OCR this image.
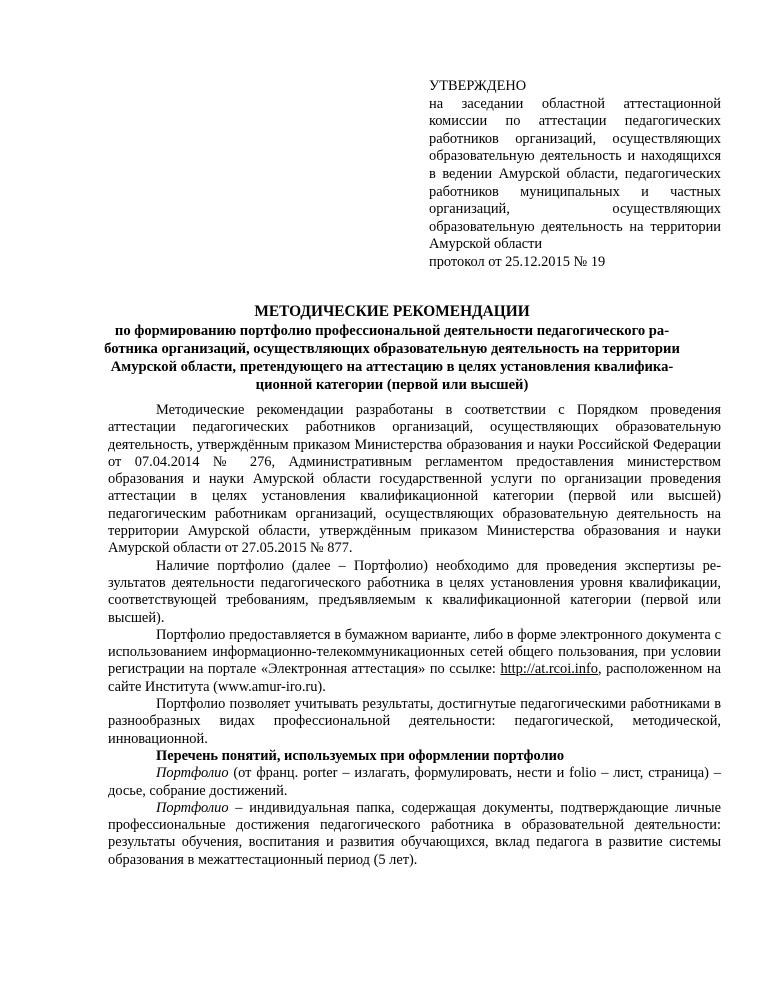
УТВЕРЖДЕНО
на заседании областной аттестационной комиссии по аттестации педагогических работников организаций, осуществляющих образовательную деятельность и находящихся в ведении Амурской области, педагогических работников муниципальных и частных организаций, осуществляющих образовательную деятельность на территории Амурской области
протокол от 25.12.2015 № 19
МЕТОДИЧЕСКИЕ РЕКОМЕНДАЦИИ
по формированию портфолио профессиональной деятельности педагогического работника организаций, осуществляющих образовательную деятельность на территории Амурской области, претендующего на аттестацию в целях установления квалификационной категории (первой или высшей)

Методические рекомендации разработаны в соответствии с Порядком проведения аттестации педагогических работников организаций, осуществляющих образовательную деятельность, утверждённым приказом Министерства образования и науки Российской Федерации от 07.04.2014 № 276, Административным регламентом предоставления министерством образования и науки Амурской области государственной услуги по организации проведения аттестации в целях установления квалификационной категории (первой или высшей) педагогическим работникам организаций, осуществляющих образовательную деятельность на территории Амурской области, утверждённым приказом Министерства образования и науки Амурской области от 27.05.2015 № 877.

Наличие портфолио (далее – Портфолио) необходимо для проведения экспертизы результатов деятельности педагогического работника в целях установления уровня квалификации, соответствующей требованиям, предъявляемым к квалификационной категории (первой или высшей).

Портфолио предоставляется в бумажном варианте, либо в форме электронного документа с использованием информационно-телекоммуникационных сетей общего пользования, при условии регистрации на портале «Электронная аттестация» по ссылке: http://at.rcoi.info, расположенном на сайте Института (www.amur-iro.ru).

Портфолио позволяет учитывать результаты, достигнутые педагогическими работниками в разнообразных видах профессиональной деятельности: педагогической, методической, инновационной.

Перечень понятий, используемых при оформлении портфолио

Портфолио (от франц. porter – излагать, формулировать, нести и folio – лист, страница) – досье, собрание достижений.

Портфолио – индивидуальная папка, содержащая документы, подтверждающие личные профессиональные достижения педагогического работника в образовательной деятельности: результаты обучения, воспитания и развития обучающихся, вклад педагога в развитие системы образования в межаттестационный период (5 лет).
